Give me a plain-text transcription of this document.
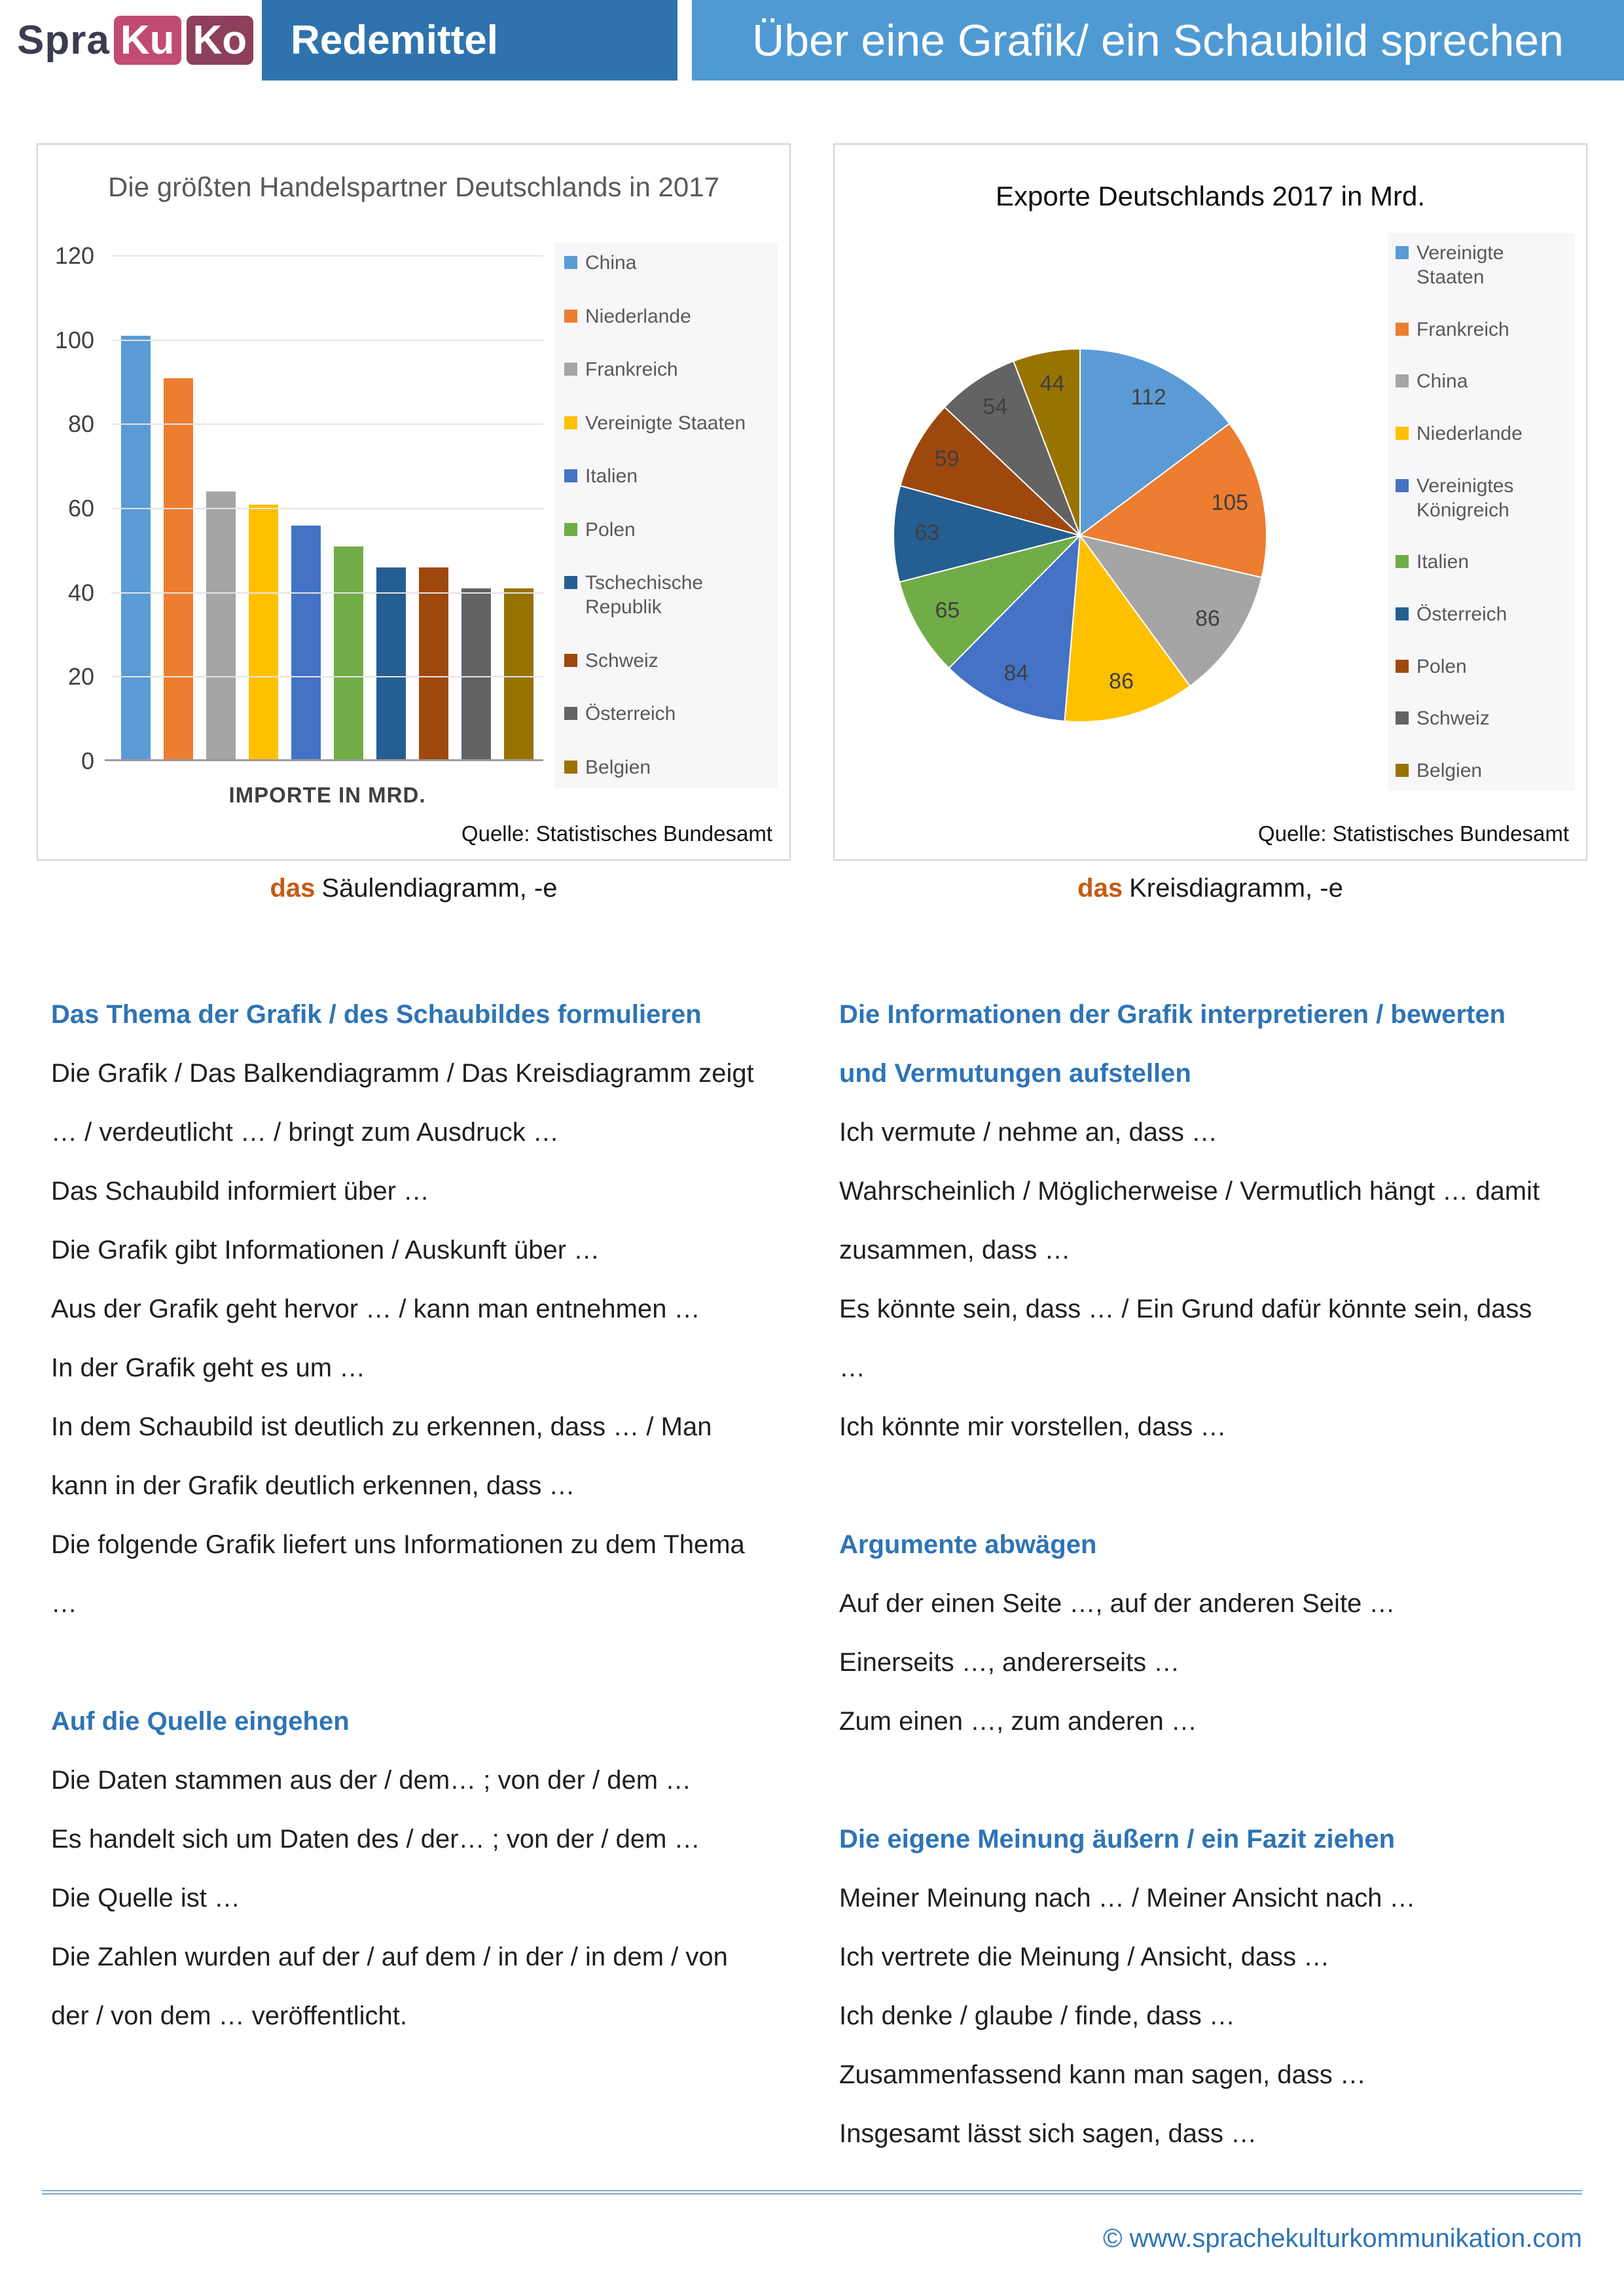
Spra Ku Ko Redemittel	Über eine Grafik/ ein Schaubild sprechen
Die größten Handelspartner Deutschlands in 2017
0
20
40
60
80
100
120
IMPORTE IN MRD.
China
Niederlande
Frankreich
Vereinigte Staaten
Italien
Polen
Tschechische Republik
Schweiz
Österreich
Belgien
Quelle: Statistisches Bundesamt
Exporte Deutschlands 2017 in Mrd.
112
105
86
86
84
65
63
59
54
44
Vereinigte Staaten
Frankreich
China
Niederlande
Vereinigtes Königreich
Italien
Österreich
Polen
Schweiz
Belgien
Quelle: Statistisches Bundesamt
das Säulendiagramm, -e	das Kreisdiagramm, -e
Das Thema der Grafik / des Schaubildes formulieren

Die Grafik / Das Balkendiagramm / Das Kreisdiagramm zeigt … / verdeutlicht … / bringt zum Ausdruck …

Das Schaubild informiert über …

Die Grafik gibt Informationen / Auskunft über …

Aus der Grafik geht hervor … / kann man entnehmen …

In der Grafik geht es um …

In dem Schaubild ist deutlich zu erkennen, dass … / Man kann in der Grafik deutlich erkennen, dass …

Die folgende Grafik liefert uns Informationen zu dem Thema …

Auf die Quelle eingehen

Die Daten stammen aus der / dem… ; von der / dem …

Es handelt sich um Daten des / der… ; von der / dem …

Die Quelle ist …

Die Zahlen wurden auf der / auf dem / in der / in dem / von der / von dem … veröffentlicht.

Die Informationen der Grafik interpretieren / bewerten und Vermutungen aufstellen

Ich vermute / nehme an, dass …

Wahrscheinlich / Möglicherweise / Vermutlich hängt … damit zusammen, dass …

Es könnte sein, dass … / Ein Grund dafür könnte sein, dass …

Ich könnte mir vorstellen, dass …

Argumente abwägen

Auf der einen Seite …, auf der anderen Seite …

Einerseits …, andererseits …

Zum einen …, zum anderen …

Die eigene Meinung äußern / ein Fazit ziehen

Meiner Meinung nach … / Meiner Ansicht nach …

Ich vertrete die Meinung / Ansicht, dass …

Ich denke / glaube / finde, dass …

Zusammenfassend kann man sagen, dass …

Insgesamt lässt sich sagen, dass …

© www.sprachekulturkommunikation.com
